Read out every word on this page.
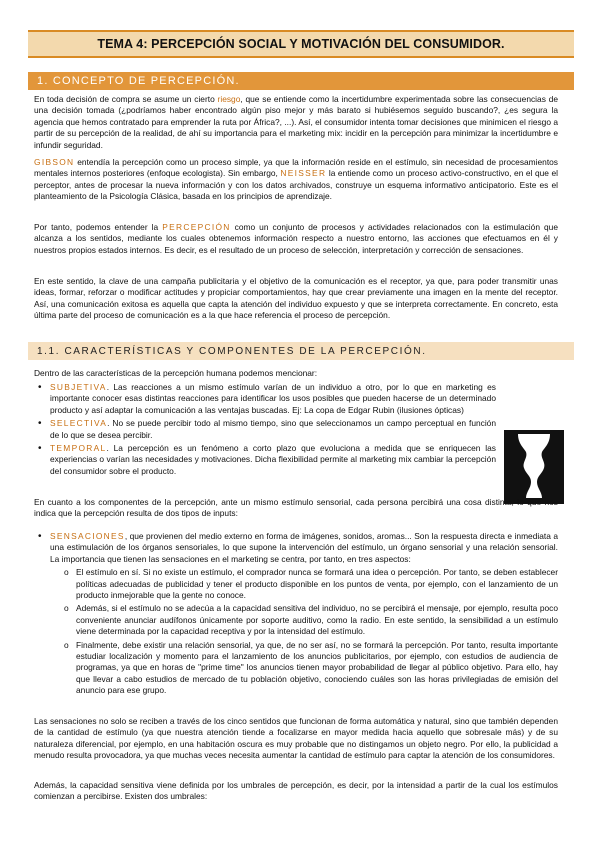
TEMA 4: PERCEPCIÓN SOCIAL Y MOTIVACIÓN DEL CONSUMIDOR.
1. CONCEPTO DE PERCEPCIÓN.

En toda decisión de compra se asume un cierto riesgo, que se entiende como la incertidumbre experimentada sobre las consecuencias de una decisión tomada (¿podríamos haber encontrado algún piso mejor y más barato si hubiésemos seguido buscando?, ¿es segura la agencia que hemos contratado para emprender la ruta por África?, ...). Así, el consumidor intenta tomar decisiones que minimicen el riesgo a partir de su percepción de la realidad, de ahí su importancia para el marketing mix: incidir en la percepción para minimizar la incertidumbre e infundir seguridad.

GIBSON entendía la percepción como un proceso simple, ya que la información reside en el estímulo, sin necesidad de procesamientos mentales internos posteriores (enfoque ecologista). Sin embargo, NEISSER la entiende como un proceso activo-constructivo, en el que el perceptor, antes de procesar la nueva información y con los datos archivados, construye un esquema informativo anticipatorio. Este es el planteamiento de la Psicología Clásica, basada en los principios de aprendizaje.

Por tanto, podemos entender la PERCEPCIÓN como un conjunto de procesos y actividades relacionados con la estimulación que alcanza a los sentidos, mediante los cuales obtenemos información respecto a nuestro entorno, las acciones que efectuamos en él y nuestros propios estados internos. Es decir, es el resultado de un proceso de selección, interpretación y corrección de sensaciones.

En este sentido, la clave de una campaña publicitaria y el objetivo de la comunicación es el receptor, ya que, para poder transmitir unas ideas, formar, reforzar o modificar actitudes y propiciar comportamientos, hay que crear previamente una imagen en la mente del receptor. Así, una comunicación exitosa es aquella que capta la atención del individuo expuesto y que se interpreta correctamente. En concreto, esta última parte del proceso de comunicación es a la que hace referencia el proceso de percepción.

1.1. CARACTERÍSTICAS Y COMPONENTES DE LA PERCEPCIÓN.

Dentro de las características de la percepción humana podemos mencionar:

• SUBJETIVA. Las reacciones a un mismo estímulo varían de un individuo a otro, por lo que en marketing es importante conocer esas distintas reacciones para identificar los usos posibles que pueden hacerse de un determinado producto y así adaptar la comunicación a las ventajas buscadas. Ej: La copa de Edgar Rubin (ilusiones ópticas)
• SELECTIVA. No se puede percibir todo al mismo tiempo, sino que seleccionamos un campo perceptual en función de lo que se desea percibir.
• TEMPORAL. La percepción es un fenómeno a corto plazo que evoluciona a medida que se enriquecen las experiencias o varían las necesidades y motivaciones. Dicha flexibilidad permite al marketing mix cambiar la percepción del consumidor sobre el producto.

En cuanto a los componentes de la percepción, ante un mismo estímulo sensorial, cada persona percibirá una cosa distinta, lo que nos indica que la percepción resulta de dos tipos de inputs:

• SENSACIONES, que provienen del medio externo en forma de imágenes, sonidos, aromas... Son la respuesta directa e inmediata a una estimulación de los órganos sensoriales, lo que supone la intervención del estímulo, un órgano sensorial y una relación sensorial. La importancia que tienen las sensaciones en el marketing se centra, por tanto, en tres aspectos:
o El estímulo en sí. Si no existe un estímulo, el comprador nunca se formará una idea o percepción. Por tanto, se deben establecer políticas adecuadas de publicidad y tener el producto disponible en los puntos de venta, por ejemplo, con el lanzamiento de un producto inmejorable que la gente no conoce.
o Además, si el estímulo no se adecúa a la capacidad sensitiva del individuo, no se percibirá el mensaje, por ejemplo, resulta poco conveniente anunciar audífonos únicamente por soporte auditivo, como la radio. En este sentido, la sensibilidad a un estímulo viene determinada por la capacidad receptiva y por la intensidad del estímulo.
o Finalmente, debe existir una relación sensorial, ya que, de no ser así, no se formará la percepción. Por tanto, resulta importante estudiar localización y momento para el lanzamiento de los anuncios publicitarios, por ejemplo, con estudios de audiencia de programas, ya que en horas de "prime time" los anuncios tienen mayor probabilidad de llegar al público objetivo. Para ello, hay que llevar a cabo estudios de mercado de tu población objetivo, conociendo cuáles son las horas privilegiadas de emisión del anuncio para ese grupo.

Las sensaciones no solo se reciben a través de los cinco sentidos que funcionan de forma automática y natural, sino que también dependen de la cantidad de estímulo (ya que nuestra atención tiende a focalizarse en mayor medida hacia aquello que sobresale más) y de su naturaleza diferencial, por ejemplo, en una habitación oscura es muy probable que no distingamos un objeto negro. Por ello, la publicidad a menudo resulta provocadora, ya que muchas veces necesita aumentar la cantidad de estímulo para captar la atención de los consumidores.

Además, la capacidad sensitiva viene definida por los umbrales de percepción, es decir, por la intensidad a partir de la cual los estímulos comienzan a percibirse. Existen dos umbrales:
